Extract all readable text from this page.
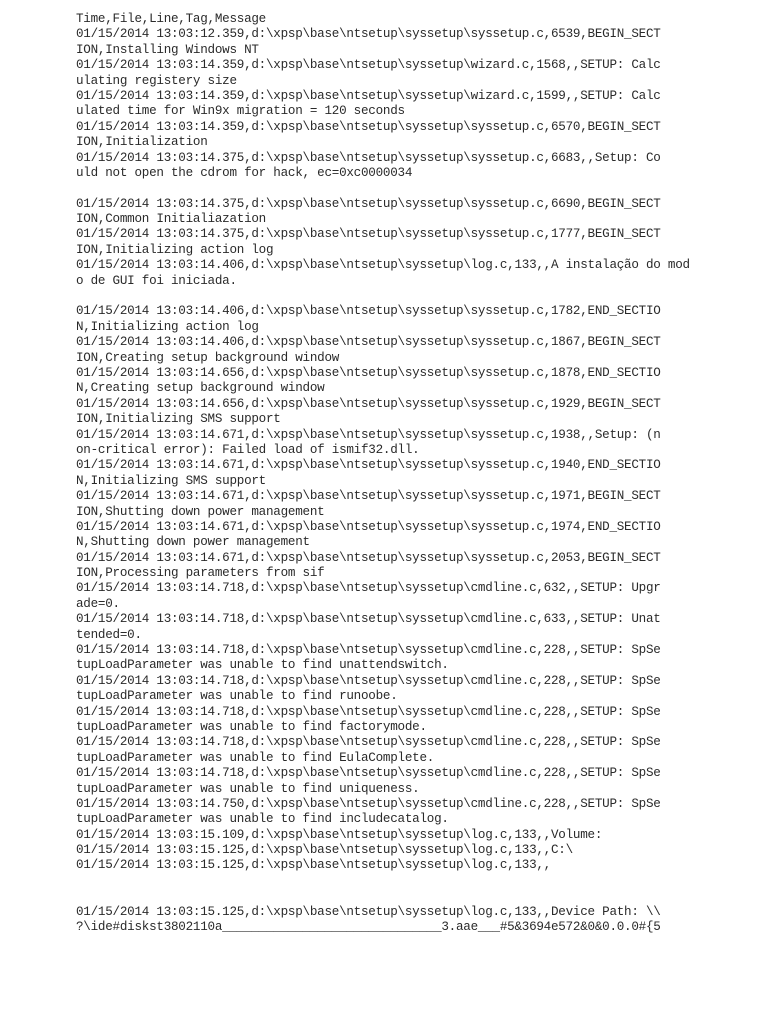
Time,File,Line,Tag,Message
01/15/2014 13:03:12.359,d:\xpsp\base\ntsetup\syssetup\syssetup.c,6539,BEGIN_SECT
ION,Installing Windows NT
01/15/2014 13:03:14.359,d:\xpsp\base\ntsetup\syssetup\wizard.c,1568,,SETUP: Calc
ulating registery size
01/15/2014 13:03:14.359,d:\xpsp\base\ntsetup\syssetup\wizard.c,1599,,SETUP: Calc
ulated time for Win9x migration = 120 seconds
01/15/2014 13:03:14.359,d:\xpsp\base\ntsetup\syssetup\syssetup.c,6570,BEGIN_SECT
ION,Initialization
01/15/2014 13:03:14.375,d:\xpsp\base\ntsetup\syssetup\syssetup.c,6683,,Setup: Co
uld not open the cdrom for hack, ec=0xc0000034
01/15/2014 13:03:14.375,d:\xpsp\base\ntsetup\syssetup\syssetup.c,6690,BEGIN_SECT
ION,Common Initialiazation
01/15/2014 13:03:14.375,d:\xpsp\base\ntsetup\syssetup\syssetup.c,1777,BEGIN_SECT
ION,Initializing action log
01/15/2014 13:03:14.406,d:\xpsp\base\ntsetup\syssetup\log.c,133,,A instalação do mod
o de GUI foi iniciada.
01/15/2014 13:03:14.406,d:\xpsp\base\ntsetup\syssetup\syssetup.c,1782,END_SECTIO
N,Initializing action log
01/15/2014 13:03:14.406,d:\xpsp\base\ntsetup\syssetup\syssetup.c,1867,BEGIN_SECT
ION,Creating setup background window
01/15/2014 13:03:14.656,d:\xpsp\base\ntsetup\syssetup\syssetup.c,1878,END_SECTIO
N,Creating setup background window
01/15/2014 13:03:14.656,d:\xpsp\base\ntsetup\syssetup\syssetup.c,1929,BEGIN_SECT
ION,Initializing SMS support
01/15/2014 13:03:14.671,d:\xpsp\base\ntsetup\syssetup\syssetup.c,1938,,Setup: (n
on-critical error): Failed load of ismif32.dll.
01/15/2014 13:03:14.671,d:\xpsp\base\ntsetup\syssetup\syssetup.c,1940,END_SECTIO
N,Initializing SMS support
01/15/2014 13:03:14.671,d:\xpsp\base\ntsetup\syssetup\syssetup.c,1971,BEGIN_SECT
ION,Shutting down power management
01/15/2014 13:03:14.671,d:\xpsp\base\ntsetup\syssetup\syssetup.c,1974,END_SECTIO
N,Shutting down power management
01/15/2014 13:03:14.671,d:\xpsp\base\ntsetup\syssetup\syssetup.c,2053,BEGIN_SECT
ION,Processing parameters from sif
01/15/2014 13:03:14.718,d:\xpsp\base\ntsetup\syssetup\cmdline.c,632,,SETUP: Upgr
ade=0.
01/15/2014 13:03:14.718,d:\xpsp\base\ntsetup\syssetup\cmdline.c,633,,SETUP: Unat
tended=0.
01/15/2014 13:03:14.718,d:\xpsp\base\ntsetup\syssetup\cmdline.c,228,,SETUP: SpSe
tupLoadParameter was unable to find unattendswitch.
01/15/2014 13:03:14.718,d:\xpsp\base\ntsetup\syssetup\cmdline.c,228,,SETUP: SpSe
tupLoadParameter was unable to find runoobe.
01/15/2014 13:03:14.718,d:\xpsp\base\ntsetup\syssetup\cmdline.c,228,,SETUP: SpSe
tupLoadParameter was unable to find factorymode.
01/15/2014 13:03:14.718,d:\xpsp\base\ntsetup\syssetup\cmdline.c,228,,SETUP: SpSe
tupLoadParameter was unable to find EulaComplete.
01/15/2014 13:03:14.718,d:\xpsp\base\ntsetup\syssetup\cmdline.c,228,,SETUP: SpSe
tupLoadParameter was unable to find uniqueness.
01/15/2014 13:03:14.750,d:\xpsp\base\ntsetup\syssetup\cmdline.c,228,,SETUP: SpSe
tupLoadParameter was unable to find includecatalog.
01/15/2014 13:03:15.109,d:\xpsp\base\ntsetup\syssetup\log.c,133,,Volume:
01/15/2014 13:03:15.125,d:\xpsp\base\ntsetup\syssetup\log.c,133,,C:\
01/15/2014 13:03:15.125,d:\xpsp\base\ntsetup\syssetup\log.c,133,,
01/15/2014 13:03:15.125,d:\xpsp\base\ntsetup\syssetup\log.c,133,,Device Path: \\
?\ide#diskst3802110a______________________________3.aae___#5&3694e572&0&0.0.0#{5
